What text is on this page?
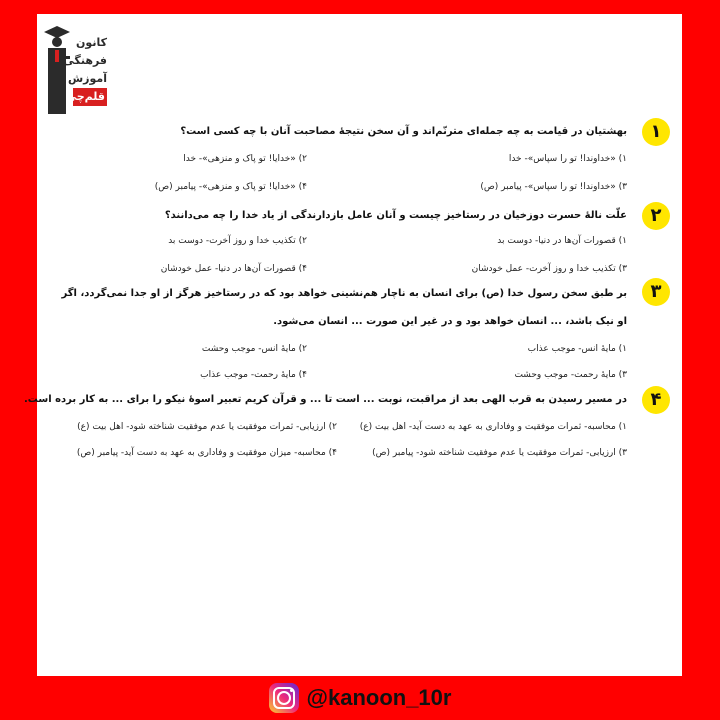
کانون
فرهنگی
آموزش
قلم‌چی
۱
بهشتیان در قیامت به چه جمله‌ای مترنّم‌اند و آن سخن نتیجۀ مصاحبت آنان با چه کسی است؟
۱) «خداوندا! تو را سپاس»- خدا
۲) «خدایا! تو پاک و منزهی»- خدا
۳) «خداوندا! تو را سپاس»- پیامبر (ص)
۴) «خدایا! تو پاک و منزهی»- پیامبر (ص)
۲
علّت نالۀ حسرت دوزخیان در رستاخیز چیست و آنان عامل بازدارندگی از یاد خدا را چه می‌دانند؟
۱) قصورات آن‌ها در دنیا- دوست بد
۲) تکذیب خدا و روز آخرت- دوست بد
۳) تکذیب خدا و روز آخرت- عمل خودشان
۴) قصورات آن‌ها در دنیا- عمل خودشان
۳
بر طبق سخن رسول خدا (ص) برای انسان به ناچار هم‌نشینی خواهد بود که در رستاخیز هرگز از او جدا نمی‌گردد، اگر او نیک باشد، ... انسان خواهد بود و در غیر این صورت ... انسان می‌شود.
۱) مایهٔ انس- موجب عذاب
۲) مایهٔ انس- موجب وحشت
۳) مایهٔ رحمت- موجب وحشت
۴) مایهٔ رحمت- موجب عذاب
۴
در مسیر رسیدن به قرب الهی بعد از مراقبت، نوبت ... است تا ... و قرآن کریم تعبیر اسوۀ نیکو را برای ... به کار برده است.
۱) محاسبه- ثمرات موفقیت و وفاداری به عهد به دست آید- اهل بیت (ع)
۲) ارزیابی- ثمرات موفقیت یا عدم موفقیت شناخته شود- اهل بیت (ع)
۳) ارزیابی- ثمرات موفقیت یا عدم موفقیت شناخته شود- پیامبر (ص)
۴) محاسبه- میزان موفقیت و وفاداری به عهد به دست آید- پیامبر (ص)
@kanoon_10r
